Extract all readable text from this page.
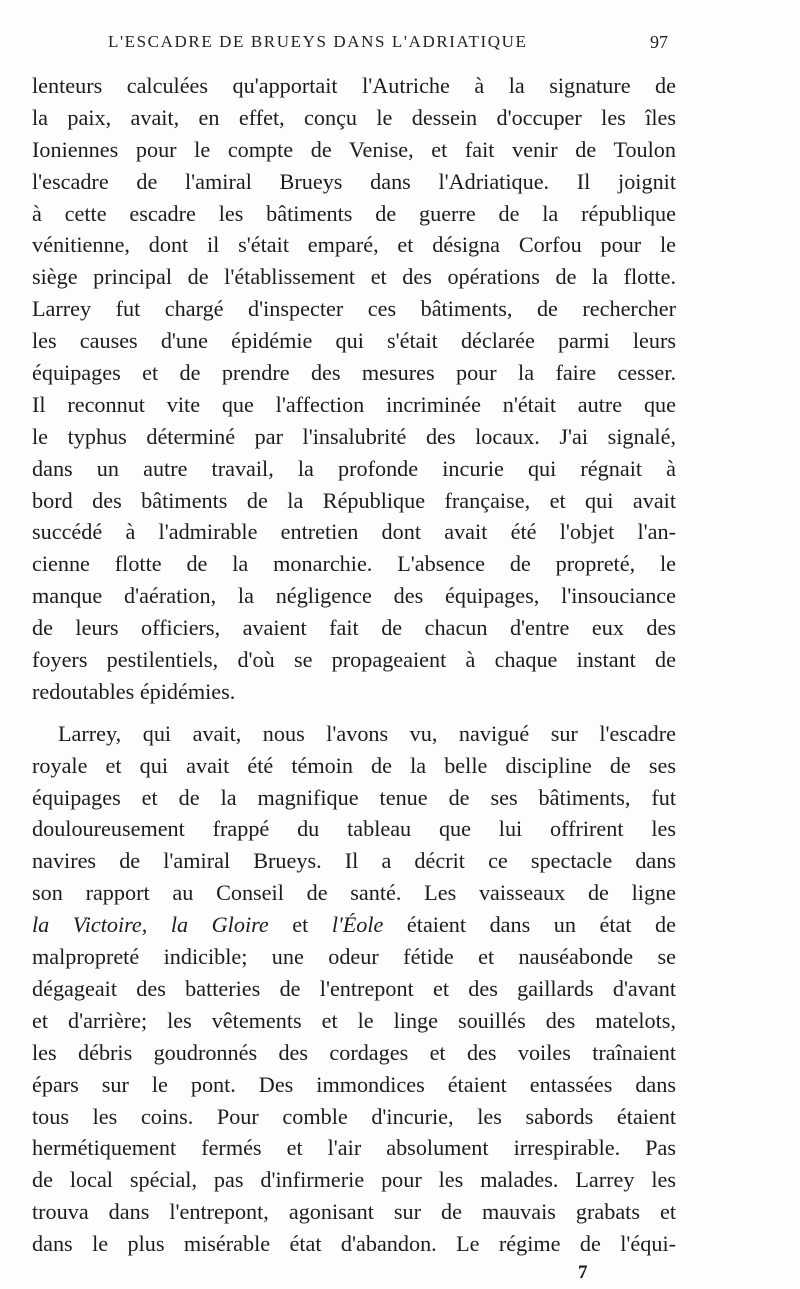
L'ESCADRE DE BRUEYS DANS L'ADRIATIQUE	97
lenteurs calculées qu'apportait l'Autriche à la signature de
la paix, avait, en effet, conçu le dessein d'occuper les îles
Ioniennes pour le compte de Venise, et fait venir de Toulon
l'escadre de l'amiral Brueys dans l'Adriatique. Il joignit
à cette escadre les bâtiments de guerre de la république
vénitienne, dont il s'était emparé, et désigna Corfou pour le
siège principal de l'établissement et des opérations de la flotte.
Larrey fut chargé d'inspecter ces bâtiments, de rechercher
les causes d'une épidémie qui s'était déclarée parmi leurs
équipages et de prendre des mesures pour la faire cesser.
Il reconnut vite que l'affection incriminée n'était autre que
le typhus déterminé par l'insalubrité des locaux. J'ai signalé,
dans un autre travail, la profonde incurie qui régnait à
bord des bâtiments de la République française, et qui avait
succédé à l'admirable entretien dont avait été l'objet l'an-
cienne flotte de la monarchie. L'absence de propreté, le
manque d'aération, la négligence des équipages, l'insouciance
de leurs officiers, avaient fait de chacun d'entre eux des
foyers pestilentiels, d'où se propageaient à chaque instant de
redoutables épidémies.
Larrey, qui avait, nous l'avons vu, navigué sur l'escadre
royale et qui avait été témoin de la belle discipline de ses
équipages et de la magnifique tenue de ses bâtiments, fut
douloureusement frappé du tableau que lui offrirent les
navires de l'amiral Brueys. Il a décrit ce spectacle dans
son rapport au Conseil de santé. Les vaisseaux de ligne
la Victoire, la Gloire et l'Éole étaient dans un état de
malpropreté indicible; une odeur fétide et nauséabonde se
dégageait des batteries de l'entrepont et des gaillards d'avant
et d'arrière; les vêtements et le linge souillés des matelots,
les débris goudronnés des cordages et des voiles traînaient
épars sur le pont. Des immondices étaient entassées dans
tous les coins. Pour comble d'incurie, les sabords étaient
hermétiquement fermés et l'air absolument irrespirable. Pas
de local spécial, pas d'infirmerie pour les malades. Larrey les
trouva dans l'entrepont, agonisant sur de mauvais grabats et
dans le plus misérable état d'abandon. Le régime de l'équi-
7
